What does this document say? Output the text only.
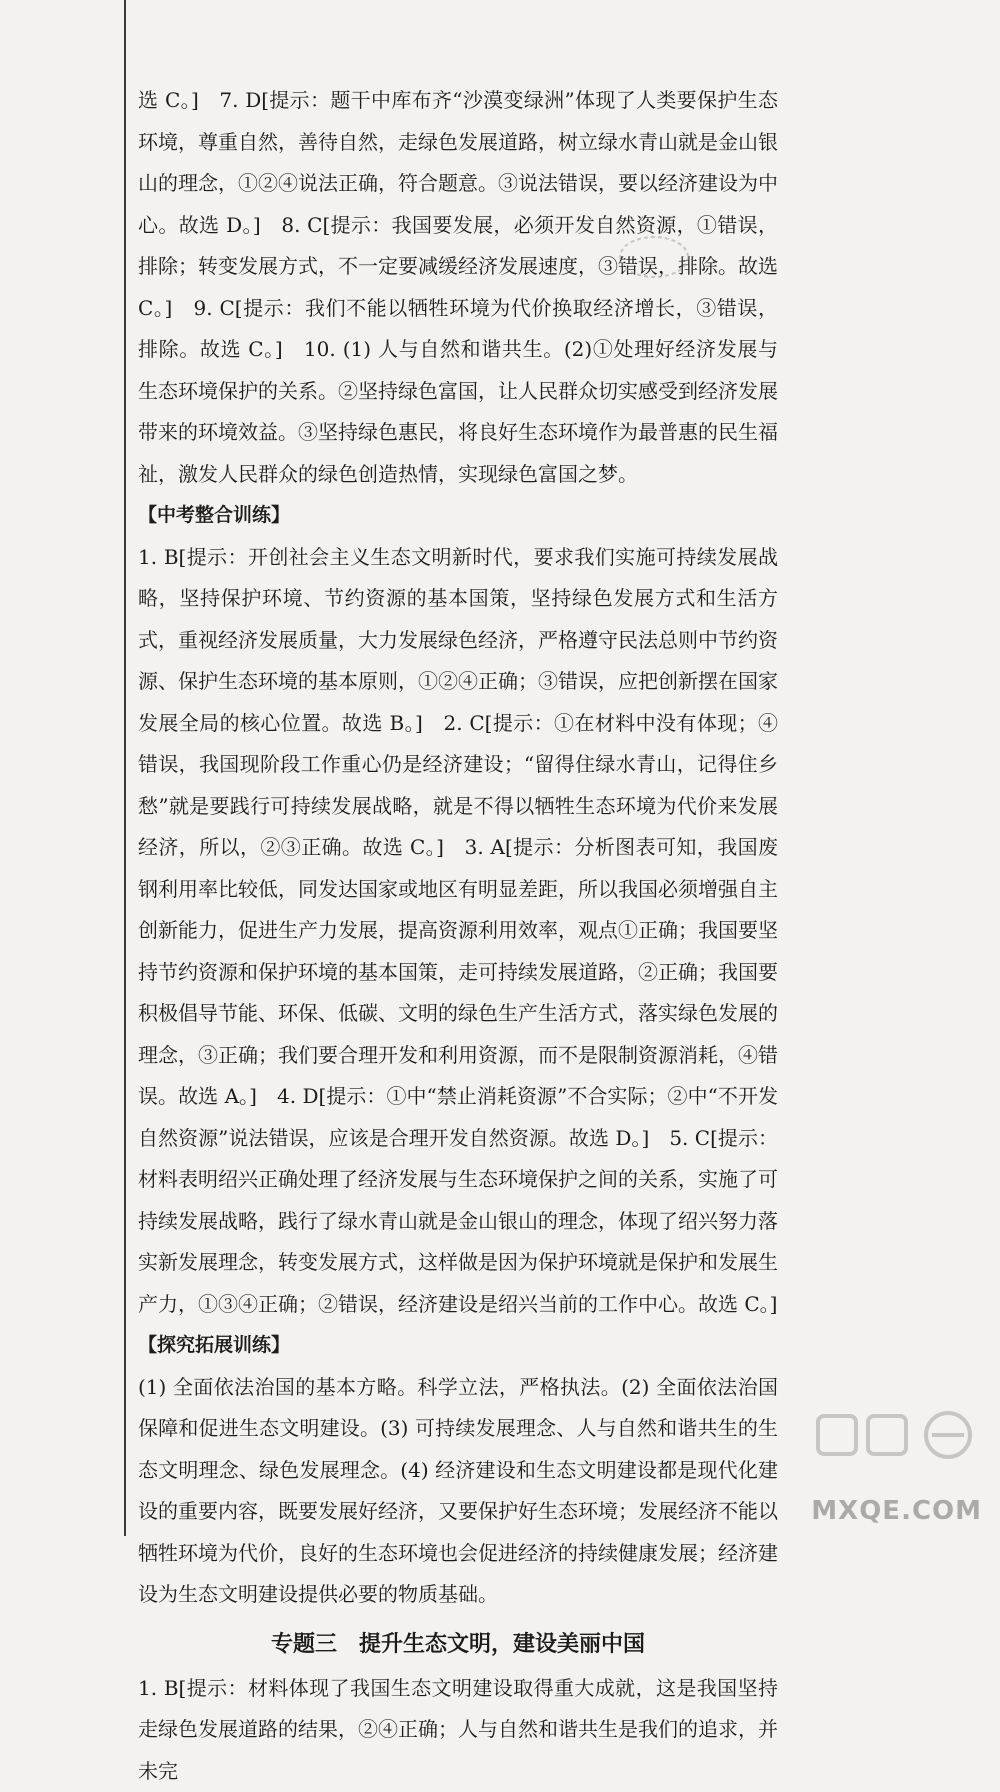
选 C。]　7. D[提示：题干中库布齐“沙漠变绿洲”体现了人类要保护生态环境，尊重自然，善待自然，走绿色发展道路，树立绿水青山就是金山银山的理念，①②④说法正确，符合题意。③说法错误，要以经济建设为中心。故选 D。]　8. C[提示：我国要发展，必须开发自然资源，①错误，排除；转变发展方式，不一定要减缓经济发展速度，③错误，排除。故选 C。]　9. C[提示：我们不能以牺牲环境为代价换取经济增长，③错误，排除。故选 C。]　10. (1) 人与自然和谐共生。(2)①处理好经济发展与生态环境保护的关系。②坚持绿色富国，让人民群众切实感受到经济发展带来的环境效益。③坚持绿色惠民，将良好生态环境作为最普惠的民生福祉，激发人民群众的绿色创造热情，实现绿色富国之梦。

【中考整合训练】

1. B[提示：开创社会主义生态文明新时代，要求我们实施可持续发展战略，坚持保护环境、节约资源的基本国策，坚持绿色发展方式和生活方式，重视经济发展质量，大力发展绿色经济，严格遵守民法总则中节约资源、保护生态环境的基本原则，①②④正确；③错误，应把创新摆在国家发展全局的核心位置。故选 B。]　2. C[提示：①在材料中没有体现；④错误，我国现阶段工作重心仍是经济建设；“留得住绿水青山，记得住乡愁”就是要践行可持续发展战略，就是不得以牺牲生态环境为代价来发展经济，所以，②③正确。故选 C。]　3. A[提示：分析图表可知，我国废钢利用率比较低，同发达国家或地区有明显差距，所以我国必须增强自主创新能力，促进生产力发展，提高资源利用效率，观点①正确；我国要坚持节约资源和保护环境的基本国策，走可持续发展道路，②正确；我国要积极倡导节能、环保、低碳、文明的绿色生产生活方式，落实绿色发展的理念，③正确；我们要合理开发和利用资源，而不是限制资源消耗，④错误。故选 A。]　4. D[提示：①中“禁止消耗资源”不合实际；②中“不开发自然资源”说法错误，应该是合理开发自然资源。故选 D。]　5. C[提示：材料表明绍兴正确处理了经济发展与生态环境保护之间的关系，实施了可持续发展战略，践行了绿水青山就是金山银山的理念，体现了绍兴努力落实新发展理念，转变发展方式，这样做是因为保护环境就是保护和发展生产力，①③④正确；②错误，经济建设是绍兴当前的工作中心。故选 C。]

【探究拓展训练】

(1) 全面依法治国的基本方略。科学立法，严格执法。(2) 全面依法治国保障和促进生态文明建设。(3) 可持续发展理念、人与自然和谐共生的生态文明理念、绿色发展理念。(4) 经济建设和生态文明建设都是现代化建设的重要内容，既要发展好经济，又要保护好生态环境；发展经济不能以牺牲环境为代价，良好的生态环境也会促进经济的持续健康发展；经济建设为生态文明建设提供必要的物质基础。

专题三　提升生态文明，建设美丽中国

1. B[提示：材料体现了我国生态文明建设取得重大成就，这是我国坚持走绿色发展道路的结果，②④正确；人与自然和谐共生是我们的追求，并未完

MXQE.COM
